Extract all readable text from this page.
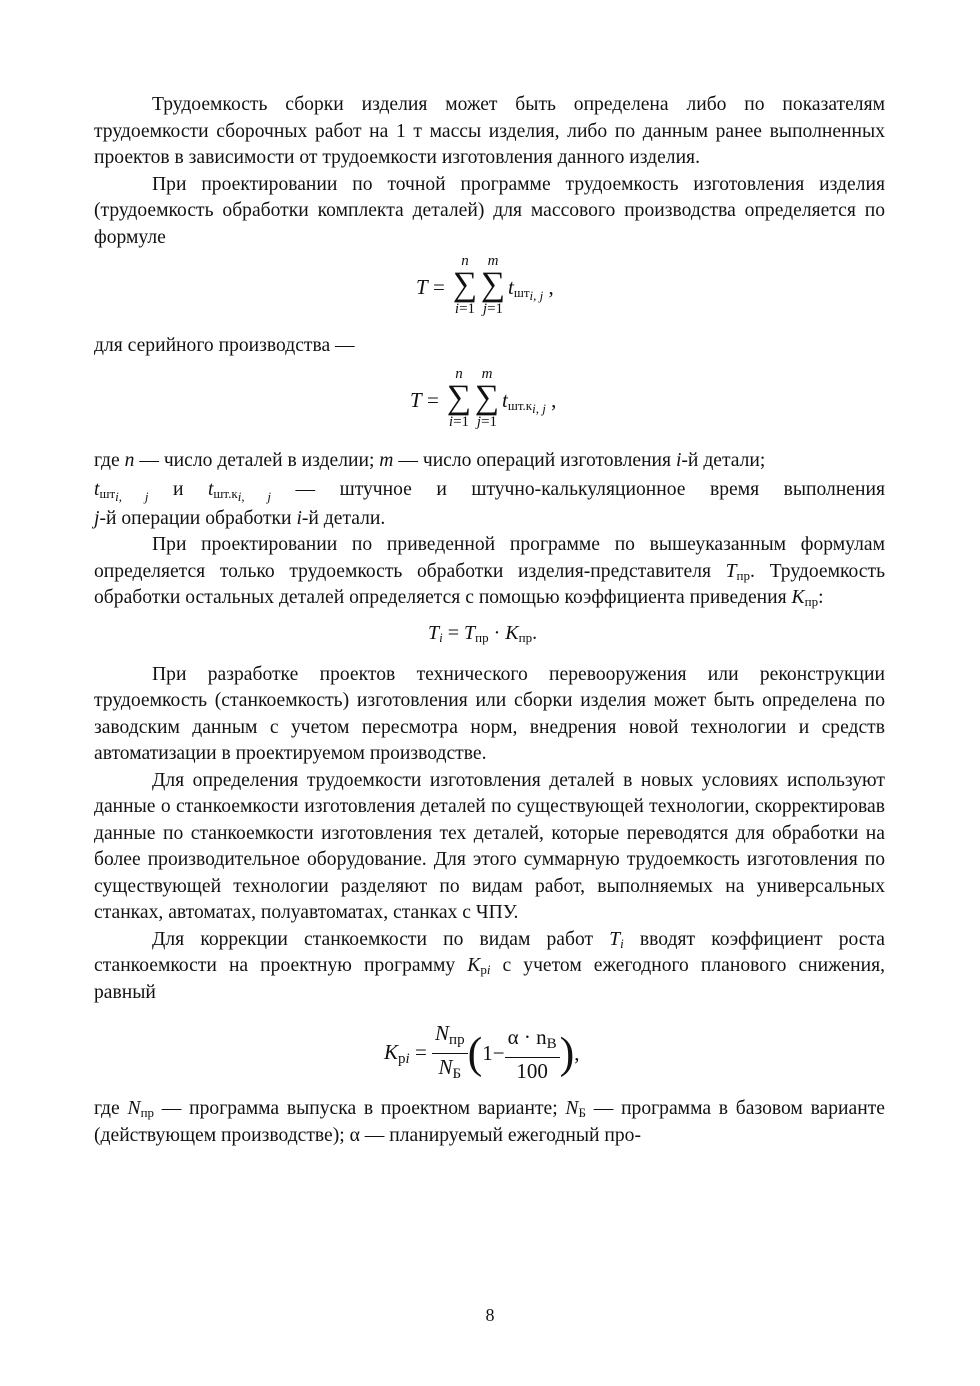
Трудоемкость сборки изделия может быть определена либо по показателям трудоемкости сборочных работ на 1 т массы изделия, либо по данным ранее выполненных проектов в зависимости от трудоемкости изготовления данного изделия.

При проектировании по точной программе трудоемкость изготовления изделия (трудоемкость обработки комплекта деталей) для массового производства определяется по формуле

T =
n
∑
i=1
m
∑
j=1
$t_{штi, j}$ ,

для серийного производства —

T =
n
∑
i=1
m
∑
j=1
$t_{шт.кi, j}$ ,

где n — число деталей в изделии; m — число операций изготовления i-й детали;

$t_{штi, j}$ и $t_{шт.кi, j}$ — штучное и штучно-калькуляционное время выполнения

j-й операции обработки i-й детали.

При проектировании по приведенной программе по вышеуказанным формулам определяется только трудоемкость обработки изделия-представителя $T_{пр}$. Трудоемкость обработки остальных деталей определяется с помощью коэффициента приведения $K_{пр}$:

$Ti = T_{пр} \cdot K_{пр}$.

При разработке проектов технического перевооружения или реконструкции трудоемкость (станкоемкость) изготовления или сборки изделия может быть определена по заводским данным с учетом пересмотра норм, внедрения новой технологии и средств автоматизации в проектируемом производстве.

Для определения трудоемкости изготовления деталей в новых условиях используют данные о станкоемкости изготовления деталей по существующей технологии, скорректировав данные по станкоемкости изготовления тех деталей, которые переводятся для обработки на более производительное оборудование. Для этого суммарную трудоемкость изготовления по существующей технологии разделяют по видам работ, выполняемых на универсальных станках, автоматах, полуавтоматах, станках с ЧПУ.

Для коррекции станкоемкости по видам работ Ti вводят коэффициент роста станкоемкости на проектную программу $K_рi$ с учетом ежегодного планового снижения, равный

Kрi = $\frac{\text{Nпр}}{NБ} (1- \frac{\alpha \cdot nВ}{100}$ ),

где $N_{пр}$ — программа выпуска в проектном варианте; $N_Б$ — программа в базовом варианте (действующем производстве); α — планируемый ежегодный про-

8
